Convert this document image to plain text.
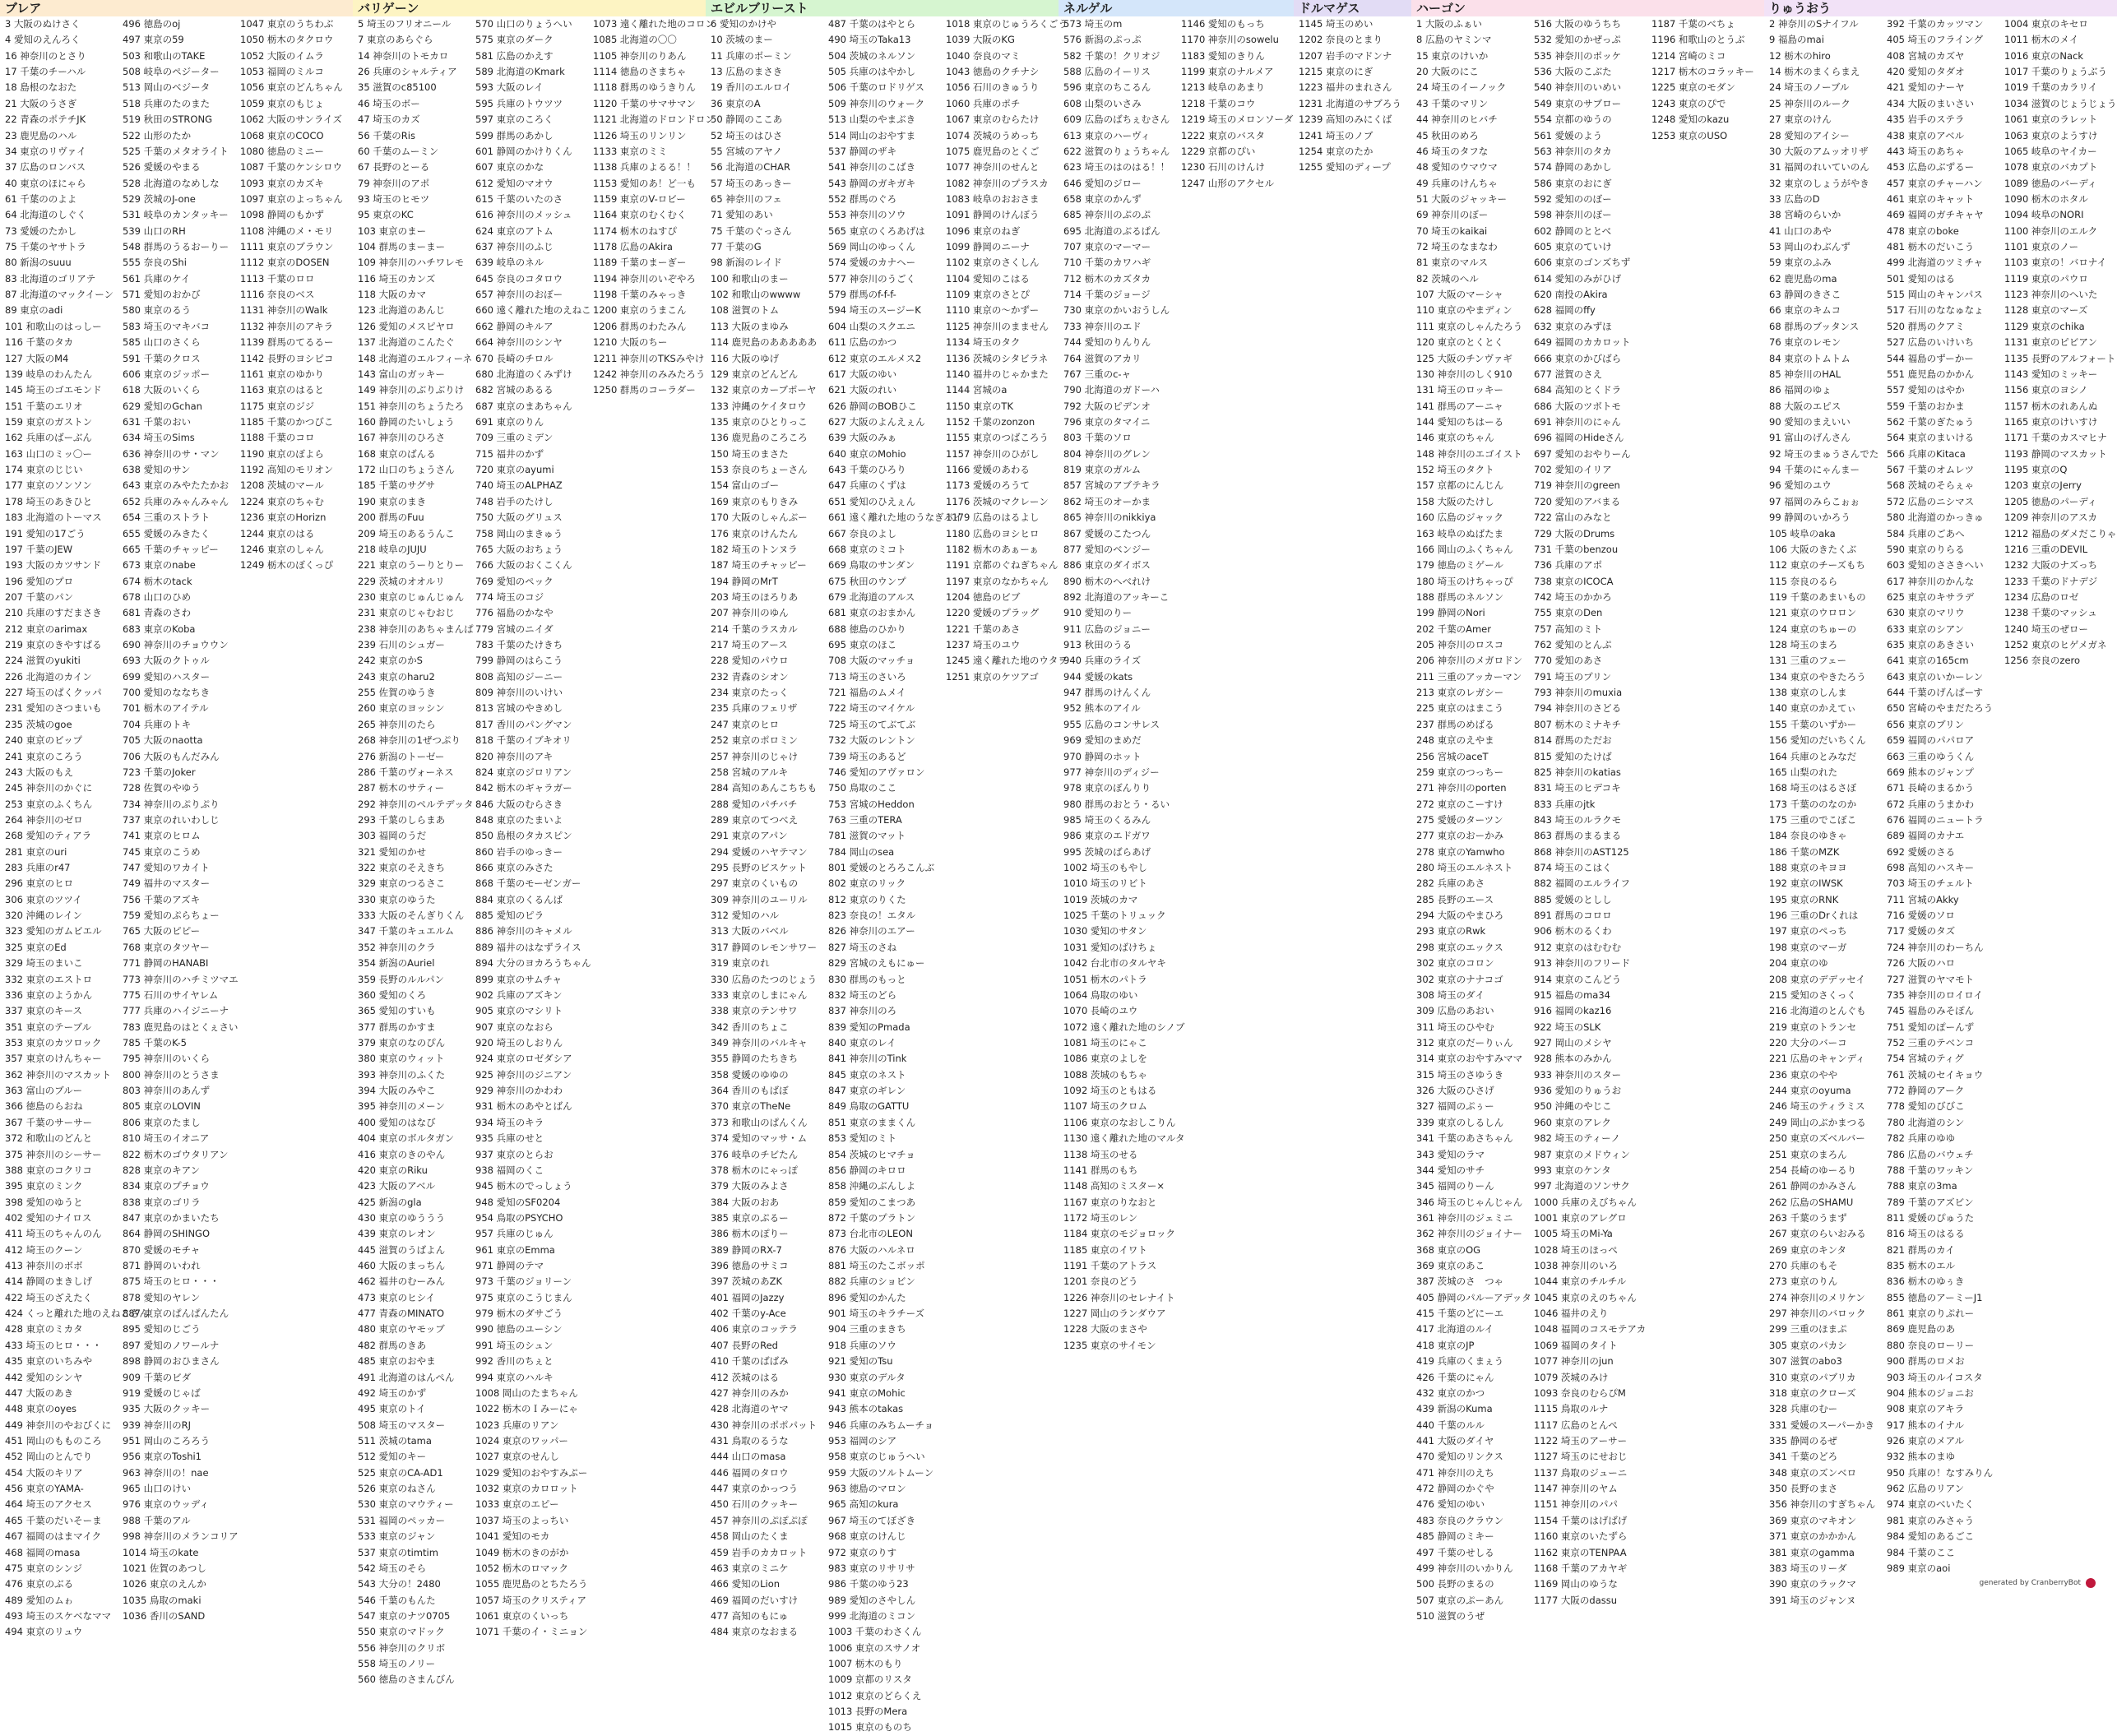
ブレア
3 大阪のぬけさく
4 愛知のえんろく
16 神奈川のとさり
17 千葉のチーハル
18 島根のなおた
21 大阪のうさぎ
22 青森のポテチJK
23 鹿児島のハル
34 東京のリヴァイ
37 広島のロンバス
40 東京のほにゃら
61 千葉ののよよ
64 北海道のしぐく
73 愛媛のたかし
75 千葉のヤサトラ
80 新潟のsuuu
83 北海道のゴリアテ
87 北海道のマックイーン
89 東京のadi
101 和歌山のはっしー
116 千葉のタカ
127 大阪のM4
139 岐阜のわんたん
145 埼玉のゴエモンド
151 千葉のエリオ
159 東京のガストン
162 兵庫のばーぶん
163 山口のミッ〇ー
174 東京のじじい
177 東京のソンソン
178 埼玉のあきひと
183 北海道のトーマス
191 愛知の17ごう
197 千葉のJEW
193 大阪のカツサンド
196 愛知のプロ
207 千葉のパン
210 兵庫のすだまさき
212 東京のarimax
219 東京のきやすばる
224 滋賀のyukiti
226 北海道のカイン
227 埼玉のぱくクッパ
231 愛知のさつまいも
235 茨城のgoe
240 東京のビップ
241 東京のころう
243 大阪のもえ
245 神奈川のかぐに
253 東京のふくちん
264 神奈川のゼロ
268 愛知のティアラ
281 東京のuri
283 兵庫のr47
296 東京のヒロ
306 東京のツツイ
320 沖縄のレイン
323 愛知のガムビエル
325 東京のEd
329 埼玉のまいこ
332 東京のエストロ
336 東京のようかん
337 東京のキース
351 東京のテーブル
353 東京のカツロック
357 東京のけんちゃー
362 神奈川のマスカット
363 富山のブルー
366 徳島のらおね
367 千葉のサーサー
372 和歌山のどんと
375 神奈川のシーサー
388 東京のコクリコ
395 東京のミンク
398 愛知のゆうと
402 愛知のナイロス
411 埼玉のちゃんのん
412 埼玉のクーン
413 神奈川のボボ
414 静岡のまきしげ
422 埼玉のざえたく
424 くっと離れた地のえねこさん
428 東京のミカタ
433 埼玉のヒロ・・・
435 東京のいちみや
442 愛知のシンヤ
447 大阪のあき
448 東京のoyes
449 神奈川のやおびくに
451 岡山のもものころ
452 岡山のとんでり
454 大阪のキリア
456 東京のYAMA-
464 埼玉のアクセス
465 千葉のだいそーま
467 福岡のはまマイク
468 福岡のmasa
475 東京のシンジ
476 東京のぶる
489 愛知のムゎ
493 埼玉のスケベなママ
494 東京のリュウ
496 徳島のoj
497 東京の59
503 和歌山のTAKE
508 岐阜のペジーター
513 岡山のベジータ
518 兵庫のたのまた
519 秋田のSTRONG
522 山形のたか
525 千葉のメタオライト
526 愛媛のやまる
528 北海道のなめしな
529 茨城のJ-one
531 岐阜のカンタッキー
539 山口のRH
548 群馬のうるおーりー
555 奈良のShi
561 兵庫のケイ
571 愛知のおかび
580 東京のるう
583 埼玉のマキバコ
585 山口のさくら
591 千葉のクロス
606 東京のジッポー
618 大阪のいくら
629 愛知のGchan
631 千葉のおい
634 埼玉のSims
636 神奈川のサ・マン
638 愛知のサン
643 東京のみやたたかお
652 兵庫のみゃんみゃん
654 三重のストラト
655 愛媛のみきたく
665 千葉のチャッピー
673 東京のnabe
674 栃木のtack
678 山口のひめ
681 青森のさわ
683 東京のKoba
690 神奈川のチョウウン
693 大阪のクトゥル
699 愛知のハスター
700 愛知のななちき
701 栃木のアイテル
704 兵庫のトキ
705 大阪のnaotta
706 大阪のもんだみん
723 千葉のJoker
728 佐賀のやゆう
734 神奈川のぷりぷり
737 東京のれいわしじ
741 東京のヒロム
745 東京のこうめ
747 愛知のワカイト
749 福井のマスター
756 千葉のアズキ
759 愛知のぷらちょー
765 大阪のピピー
768 東京のタツヤー
771 静岡のHANABI
773 神奈川のハチミツマエ
775 石川のサイヤレム
777 兵庫のハイジニーナ
783 鹿児島のはとくぇさい
785 千葉のK-5
795 神奈川のいくら
800 神奈川のとうさま
803 神奈川のあんず
805 東京のLOVIN
806 東京のたまし
810 埼玉のイオニア
822 栃木のゴウタリアン
828 東京のキアン
834 東京のプチョウ
838 東京のゴリラ
847 東京のかまいたち
864 静岡のSHINGO
870 愛媛のモチャ
871 静岡のいわれ
875 埼玉のヒロ・・・
878 愛知のヤレン
887 東京のぱんぱんたん
895 愛知のじごう
897 愛知のノワールナ
898 静岡のおひまさん
909 千葉のビダ
919 愛媛のじゃば
935 大阪のクッキー
939 神奈川のRJ
951 岡山のころろう
956 東京のToshi1
963 神奈川の！nae
965 山口のけい
976 東京のウッディ
988 千葉のアル
998 神奈川のメランコリア
1014 埼玉のkate
1021 佐賀のあつし
1026 東京のえんか
1035 鳥取のmaki
1036 香川のSAND
1047 東京のうちわぶ
1050 栃木のタクロウ
1052 大阪のイムラ
1053 福岡のミルコ
1056 東京のどんちゃん
1059 東京のもじょ
1062 大阪のサンライズ
1068 東京のCOCO
1080 徳島のミニー
1087 千葉のケンシロウ
1093 東京のカズキ
1097 東京のよっちゃん
1098 静岡のもかず
1108 沖縄のメ・モリ
1111 東京のブラウン
1112 東京のDOSEN
1113 千葉のロロ
1116 奈良のベス
1131 神奈川のWalk
1132 神奈川のアキラ
1139 群馬のてるるー
1142 長野のヨシピコ
1161 東京のゆかり
1163 東京のはると
1175 東京のジジ
1185 千葉のかつびこ
1188 千葉のコロ
1190 東京のぼよら
1192 高知のモリオン
1208 茨城のマール
1224 東京のちゃむ
1236 東京のHorizn
1244 東京のはる
1246 東京のしゃん
1249 栃木のぼくっぴ
バリゲーン
5 埼玉のフリオニール
7 東京のあらぐら
14 神奈川のトモカロ
26 兵庫のシャルティア
35 滋賀のc85100
46 埼玉のボー
47 埼玉のカズ
56 千葉のRis
60 千葉のムーミン
67 長野のとーる
79 神奈川のアポ
93 埼玉のヒモツ
95 東京のKC
103 東京のまー
104 群馬のまーまー
109 神奈川のハチワレモ
116 埼玉のカンズ
118 大阪のカマ
123 北海道のあんじ
126 愛知のメスピヤロ
137 北海道のこんたぐ
148 北海道のエルフィーネ
143 富山のガッキー
149 神奈川のぶりぶりけ
151 神奈川のちょうたろ
160 静岡のたいしょう
167 神奈川のひろさ
168 東京のばんる
172 山口のちょうさん
185 千葉のサグサ
190 東京のまき
200 群馬のFuu
209 埼玉のあるうんこ
218 岐阜のJUJU
221 東京のうーりとりー
229 茨城のオオルリ
230 東京のじゅんじゅん
231 東京のじゃむおじ
238 神奈川のあちゃまんぱ
239 石川のシュガー
242 東京のかS
243 東京のharu2
255 佐賀のゆうき
260 東京のヨッシン
265 神奈川のたら
268 神奈川の1ぜつぷり
276 新潟のトーゼー
286 千葉のヴォーネス
287 栃木のサティー
292 神奈川のペルテデッタ
293 千葉のしらまあ
303 福岡のうだ
321 愛知のかせ
322 東京のそえきち
329 東京のつるさこ
330 東京のゆうた
333 大阪のそんぎりくん
347 千葉のキュエルム
352 神奈川のクラ
354 新潟のAuriel
359 長野のルルパン
360 愛知のくろ
365 愛知のすいも
377 群馬のかすま
379 東京のなのぴん
380 東京のウィット
393 神奈川のふくた
394 大阪のみやこ
395 神奈川のメーン
400 愛知のはなび
404 東京のボルタガン
416 東京のきのやん
420 東京のRiku
423 大阪のアベル
425 新潟のgla
430 東京のゆううう
439 東京のレオン
445 滋賀のうばよん
460 大阪のまっちん
462 福井のむーみん
473 東京のヒシイ
477 青森のMINATO
480 東京のヤモッブ
482 群馬のきあ
485 東京のおやま
491 北海道のはんぺん
492 埼玉のかず
495 東京のトイ
508 埼玉のマスター
511 茨城のtama
512 愛知のキー
525 東京のCA-AD1
526 東京のねさん
530 東京のマウティー
531 福岡のペッカー
533 東京のジャン
537 東京のtimtim
542 埼玉のそら
543 大分の！2480
546 千葉のもんた
547 東京のナツ0705
550 東京のマドック
556 神奈川のクリボ
558 埼玉のノリー
560 徳島のさまんびん
570 山口のりょうへい
575 東京のダーク
581 広島のかえす
589 北海道のKmark
593 大阪のレイ
595 兵庫のトウツツ
597 東京のころく
599 群馬のあかし
601 静岡のかけりくん
607 東京のかな
612 愛知のマオウ
615 千葉のいたのさ
616 神奈川のメッシュ
624 東京のアトム
637 神奈川のふじ
639 岐阜のネル
645 奈良のコタロウ
657 神奈川のおぼー
660 遠く離れた地のえねこ
662 静岡のキルア
664 神奈川のシンヤ
670 長崎のチロル
680 北海道のくみずけ
682 宮城のあるる
687 東京のまあちゃん
691 東京のりん
709 三重のミデン
715 福井のかず
720 東京のayumi
740 埼玉のALPHAZ
748 岩手のたけし
750 大阪のグリュス
758 岡山のまきゅう
765 大阪のおちょう
766 大阪のおくこくん
769 愛知のペック
774 埼玉のコジ
776 福島のかなや
779 宮城のニイダ
783 千葉のたけきち
799 静岡のはらこう
808 高知のジーニー
809 神奈川のいけい
813 宮城のやきめし
817 香川のパングマン
818 千葉のイブキオリ
820 神奈川のアキ
824 東京のジロリアン
842 栃木のギャラガー
846 大阪のむらさき
848 東京のたまいよ
850 島根のタカスピン
860 岩手のゆっきー
866 東京のみさた
868 千葉のモーゼンガー
884 東京のくるんば
885 愛知のピラ
886 神奈川のキャメル
889 福井のはなずライス
894 大分のヨカろうちゃん
899 東京のサムチャ
902 兵庫のアズキン
905 東京のマシリト
907 東京のなおら
920 埼玉のしおりん
924 東京のロゼダシア
925 神奈川のジニアン
929 神奈川のかわわ
931 栃木のあやとばん
934 埼玉のキラ
935 兵庫のせと
937 東京のとらお
938 福岡のくこ
945 栃木のでっしょう
948 愛知のSF0204
954 鳥取のPSYCHO
957 兵庫のじゅん
961 東京のEmma
971 静岡のテマ
973 千葉のジョリーン
975 東京のこうじまん
979 栃木のダサごう
990 徳島のユーシン
991 埼玉のシュン
992 香川のちぇと
994 東京のハルキ
1008 岡山のたまちゃん
1022 栃木のＩみーにゃ
1023 兵庫のリアン
1024 東京のワッパー
1027 東京のせんし
1029 愛知のおやすみぷー
1032 東京のカロロット
1033 東京のエピー
1037 埼玉のよっちい
1041 愛知のモカ
1049 栃木のきのがか
1052 栃木のロマック
1055 鹿児島のとちたろう
1057 埼玉のクリスティア
1061 東京のくいっち
1071 千葉のイ・ミニョン
1073 遠く離れた地のコロン
1085 北海道の〇〇
1105 神奈川のりあん
1114 徳島のさまちゃ
1118 群馬のゆうきりん
1120 千葉のサマサマン
1121 北海道のドロンドロン
1126 埼玉のリンリン
1133 東京のミミ
1138 兵庫のよるる！！
1153 愛知のあ！ど一も
1159 東京のV-ロビー
1164 東京のむくむく
1174 栃木のねすぴ
1178 広島のAkira
1189 千葉のまーぎー
1194 神奈川のいぞやろ
1198 千葉のみゃっき
1200 東京のうまこん
1206 群馬のわたみん
1210 大阪のちー
1211 神奈川のTKSみやけ
1242 神奈川のみみたろう
1250 群馬のコーラダー
エビルブリースト
6 愛知のかけや
10 茨城のまー
11 兵庫のポーミン
13 広島のまさき
19 香川のエルロイ
36 東京のA
50 静岡のここあ
52 埼玉のはひさ
55 宮城のアヤノ
56 北海道のCHAR
57 埼玉のあっきー
65 神奈川のフェ
71 愛知のあい
75 千葉のぐっさん
77 千葉のG
98 新潟のレイド
100 和歌山のまー
102 和歌山のwwww
108 滋賀のトム
113 大阪のまゆみ
114 鹿児島のあああああ
116 大阪のゆげ
129 東京のどんどん
132 東京のカーブポーヤ
133 沖縄のケイタロウ
135 東京のひとりっこ
136 鹿児島のころころ
150 埼玉のまさた
153 奈良のちょーさん
154 富山のゴー
169 東京のもりきみ
170 大阪のしゃんぶー
176 東京のけんたん
182 埼玉のトンヌラ
187 埼玉のチャッピー
194 静岡のMrT
203 埼玉のほろりあ
207 神奈川のゆん
214 千葉のラスカル
217 埼玉のアース
228 愛知のパウロ
232 青森のシオン
234 東京のたっく
235 兵庫のフェリザ
247 東京のヒロ
252 東京のポロミン
257 神奈川のじゃけ
258 宮城のアルキ
284 高知のあんこちちも
288 愛知のパチバチ
289 東京のてつべえ
291 東京のアパン
294 愛媛のハヤテマン
295 長野のビスケット
297 東京のくいもの
309 神奈川のユーリル
312 愛知のハル
313 大阪のバベル
317 静岡のレモンサワー
319 東京のれ
330 広島のたつのじょう
333 東京のしまにゃん
338 東京のテンサワ
342 香川のちょこ
349 神奈川のバルキャ
355 静岡のたちきち
358 愛媛のゆゆの
364 香川のもばぼ
370 東京のTheNe
373 和歌山のぱんくん
374 愛知のマッサ・ム
376 岐阜のチビたん
378 栃木のにゃっぽ
379 大阪のみよさ
384 大阪のおあ
385 東京のぷるー
386 栃木のぽりー
389 静岡のRX-7
396 徳島のサミコ
397 茨城のあZK
401 福岡のJazzy
402 千葉のy-Ace
406 東京のコッテラ
407 長野のRed
410 千葉のばばみ
412 茨城のはる
427 神奈川のみか
428 北海道のヤマ
430 神奈川のポポパット
431 鳥取のるうな
444 山口のmasa
446 福岡のタロウ
447 東京のかっつう
450 石川のクッキー
457 神奈川のぷぽぷぽ
458 岡山のたくま
459 岩手のカカロット
463 東京のミニケ
466 愛知のLion
469 福岡のだいすけ
477 高知のもにゅ
484 東京のなおまる
487 千葉のはやとら
490 埼玉のTaka13
504 茨城のネルソン
505 兵庫のはやかし
506 千葉のロドリゲス
509 神奈川のウォーク
513 山梨のやまぶき
514 岡山のおやすま
537 静岡のザキ
541 神奈川のこばき
543 静岡のガキガキ
552 群馬のぐろ
553 神奈川のソウ
565 東京のくろあげは
569 岡山のゆっくん
574 愛媛のカナヘー
577 神奈川のうごく
579 群馬のf-f-f-
594 埼玉のスージーK
604 山梨のスクエニ
611 広島のかつ
612 東京のエルメス2
617 大阪のゆい
621 大阪のれい
626 静岡のBOBひこ
627 大阪のよんえぇん
639 大阪のみぁ
640 東京のMohio
643 千葉のひろり
647 兵庫のくずは
651 愛知のひえぇん
661 遠く離れた地のうなぎパイ
667 奈良のよし
668 東京のミコト
669 鳥取のサンダン
675 秋田のウンプ
679 北海道のアルス
681 東京のおまかん
688 徳島のひかり
695 東京のほこ
708 大阪のマッチョ
713 埼玉のさいろ
721 福島のムメイ
722 埼玉のマイケル
725 埼玉のてぶてぶ
732 大阪のレントン
739 埼玉のあるど
746 愛知のアヴァロン
750 鳥取のここ
753 宮城のHeddon
763 三重のTERA
781 滋賀のマット
784 岡山のsea
801 愛媛のとろろこんぶ
802 東京のリック
812 東京のりくた
823 奈良の！エタル
826 神奈川のエアー
827 埼玉のさね
829 宮城のえもにゅー
830 群馬のもっと
832 埼玉のどら
837 神奈川のろ
839 愛知のPmada
840 東京のレイ
841 神奈川のTink
845 東京のネスト
847 東京のギレン
849 鳥取のGATTU
851 東京のままくん
853 愛知のミト
854 茨城のヒマチョ
856 静岡のキロロ
858 沖縄のぶんしよ
859 愛知のこまつあ
872 千葉のプラトン
873 台北市のLEON
876 大阪のハルネロ
881 埼玉のたこボッポ
882 兵庫のショビン
896 愛知のかんた
901 埼玉のキラチーズ
904 三重のまきち
918 兵庫のソウ
921 愛知のTsu
930 東京のデルタ
941 東京のMohic
943 熊本のtakas
946 兵庫のみちムーチョ
953 福岡のシア
958 東京のじゅうへい
959 大阪のソルトムーン
963 徳島のマロン
965 高知のkura
967 埼玉のてぼざき
968 東京のけんじ
972 東京のりす
983 東京のリサリサ
986 千葉のゆう23
989 愛知のさやしん
999 北海道のミコン
1003 千葉のわさくん
1006 東京のスサノオ
1007 栃木のもり
1009 京都のリスタ
1012 東京のどらくえ
1013 長野のMera
1015 東京のものち
1018 東京のじゅうろくごう
1039 大阪のKG
1040 奈良のマミ
1043 徳島のクチナシ
1056 石川のきゅうり
1060 兵庫のポチ
1067 東京のむらたけ
1074 茨城のうめっち
1075 鹿児島のとくご
1077 神奈川のせんと
1082 神奈川のプラスカ
1083 岐阜のおおさま
1091 静岡のけんぼう
1096 東京のねぎ
1099 静岡のニーナ
1102 東京のさくしん
1104 愛知のこはる
1109 東京のさとぴ
1110 東京の〜かずー
1125 神奈川のまません
1134 埼玉のタク
1136 茨城のシタビラネ
1140 福井のじゃかまた
1144 宮城のa
1150 東京のTK
1152 千葉のzonzon
1155 東京のつばころう
1157 神奈川のひがし
1166 愛媛のあわる
1173 愛媛のろうて
1176 茨城のマクレーン
1179 広島のはるよし
1180 広島のヨシヒロ
1182 栃木のあぁーぁ
1191 京都のぐねぎちゃん
1197 東京のなかちゃん
1204 徳島のビブ
1220 愛媛のプラッグ
1221 千葉のあさ
1237 埼玉のユウ
1245 遠く離れた地のウタヲ
1251 東京のケツアゴ
ネルゲル
573 埼玉のm
576 新潟のぷっぷ
582 千葉の！クリオジ
588 広島のイーリス
596 東京のちこるん
608 山梨のいさみ
609 広島のばちぇむさん
613 東京のハーヴィ
622 滋賀のりょうちゃん
623 埼玉のはのはる！！
646 愛知のジロー
658 東京のかんず
685 神奈川のぷのぷ
695 北海道のぶるぱん
707 東京のマーマー
710 千葉のカワハギ
712 栃木のカズタカ
714 千葉のジョージ
730 東京のかいおうしん
733 神奈川のエド
744 愛知のりんりん
764 滋賀のアカリ
767 三重のc-ャ
790 北海道のガドーハ
792 大阪のピデンオ
796 東京のタマイニ
803 千葉のソロ
804 神奈川のグレン
819 東京のガルム
857 宮城のアブテキラ
862 埼玉のオーかま
865 神奈川のnikkiya
867 愛媛のこたつん
877 愛知のベンジー
886 東京のダイボス
890 栃木のへべれけ
892 北海道のアッキーこ
910 愛知のりー
911 広島のジョニー
913 秋田のうる
940 兵庫のライズ
944 愛媛のkats
947 群馬のけんくん
952 熊本のアイル
955 広島のコンサレス
969 愛知のまめだ
970 静岡のホット
977 神奈川のディジー
978 東京のぼんりり
980 群馬のおとう・るい
985 埼玉のくるみん
986 東京のエドガワ
995 茨城のばらあげ
1002 埼玉のもやし
1010 埼玉のリビト
1019 茨城のカマ
1025 千葉のトリュック
1030 愛知のサタン
1031 愛知のばけちょ
1042 台北市のタルヤキ
1051 栃木のパトラ
1064 鳥取のゆい
1070 長崎のユウ
1072 遠く離れた地のシノブ
1081 埼玉のにゃこ
1086 東京のよしを
1088 茨城のもちゃ
1092 埼玉のともはる
1107 埼玉のクロム
1106 東京のなおしこりん
1130 遠く離れた地のマルタ
1138 埼玉のせる
1141 群馬のもち
1148 高知のミスター×
1167 東京のりなおと
1172 埼玉のレン
1184 東京のモジョロック
1185 東京のイワト
1191 千葉のアトラス
1201 奈良のどう
1226 神奈川のセレナイト
1227 岡山のランダウア
1228 大阪のまさや
1235 東京のサイモン
1146 愛知のもっち
1170 神奈川のsowelu
1183 愛知のきりん
1199 東京のナルメア
1213 岐阜のあまり
1218 千葉のコウ
1219 埼玉のメロンソーダ
1222 東京のバスタ
1229 京都のぴい
1230 石川のけんけ
1247 山形のアクセル
ドルマゲス
1145 埼玉のめい
1202 奈良のとまり
1207 岩手のマドンナ
1215 東京のにぎ
1223 福井のまれさん
1231 北海道のサブろう
1239 高知のみにくば
1241 埼玉のノブ
1254 東京のたか
1255 愛知のディープ
ハーゴン
1 大阪のふぁい
8 広島のヤミンマ
15 東京のけいか
20 大阪のにこ
24 埼玉のイーノック
43 千葉のマリン
44 神奈川のヒバチ
45 秋田のめろ
46 埼玉のタフな
48 愛知のウマウマ
49 兵庫のけんちゃ
51 大阪のジャッキー
69 神奈川のぼー
70 埼玉のkaikai
72 埼玉のなまなわ
81 東京のマルス
82 茨城のへル
107 大阪のマーシャ
110 東京のやまディン
111 東京のしゃんたろう
120 東京のとくとく
125 大阪のチンヴァギ
130 神奈川のしく910
131 埼玉のロッキー
141 群馬のアーニャ
144 愛知のちはーる
146 東京のちゃん
148 神奈川のエゴイスト
152 埼玉のタクト
157 京都のにんじん
158 大阪のたけし
160 広島のジャック
163 岐阜のぬばたま
166 岡山のふくちゃん
179 徳島のミゲール
180 埼玉のけちゃっぴ
188 群馬のネルソン
199 静岡のNori
202 千葉のAmer
205 神奈川のロスコ
206 神奈川のメガロドン
211 三重のアッカーマン
213 東京のレガシー
225 東京のはまこう
237 群馬のめばる
248 東京のえやま
256 宮城のaceT
259 東京のつっちー
271 神奈川のporten
272 東京のこーすけ
275 愛媛のターツン
277 東京のおーかみ
278 東京のYamwho
280 埼玉のエルネスト
282 兵庫のあさ
285 長野のエース
294 大阪のやまひろ
293 東京のRwk
298 東京のエックス
302 東京のコロン
302 東京のナナコゴ
308 埼玉のダイ
309 広島のあおい
311 埼玉のひやむ
312 東京のだーりぃん
314 東京のおやすみママ
315 埼玉のさゆうき
326 大阪のひさげ
327 福岡のぷぅー
339 東京のしるしん
341 千葉のあさちゃん
343 愛知のラマ
344 愛知のサチ
345 福岡のりーん
346 埼玉のじゃんじゃん
361 神奈川のジェミニ
362 神奈川のジョイナー
368 東京のOG
369 東京のあこ
387 茨城のさ　つゃ
405 静岡のパルーアデッタ
415 千葉のどにーエ
417 北海道のルイ
418 東京のJP
419 兵庫のくまぇう
426 千葉のにゃん
432 東京のかつ
439 新潟のKuma
440 千葉のルル
441 大阪のダイヤ
470 愛知のリンクス
471 神奈川のえち
472 静岡のかぐや
476 愛知のゆい
483 奈良のクラウン
485 静岡のミキー
497 千葉のせしる
499 神奈川のいかりん
500 長野のまるの
507 東京のぷーあん
510 滋賀のうぜ
516 大阪のゆうちち
532 愛知のかぜっぷ
535 神奈川のポッケ
536 大阪のこぶた
540 神奈川のいめい
549 東京のサブロー
554 京都のゆうの
561 愛媛のよう
563 神奈川のタカ
574 静岡のあかし
586 東京のおにぎ
592 愛知ののぼー
598 神奈川のぽー
602 静岡のととべ
605 東京のていけ
606 東京のゴンズちず
614 愛知のみがひげ
620 南投のAkira
628 福岡のffy
632 東京のみずほ
649 福岡のカカロット
666 東京のかびばら
677 滋賀のさえ
684 高知のとくドラ
686 大阪のツボトモ
691 神奈川のにゃん
696 福岡のHideさん
697 愛知のおやりーん
702 愛知のイリア
719 神奈川のgreen
720 愛知のアバまる
722 富山のみなと
729 大阪のDrums
731 千葉のbenzou
736 兵庫のアポ
738 東京のICOCA
742 埼玉のかかろ
755 東京のDen
757 高知のミト
762 愛知のとんぷ
770 愛知のあさ
791 埼玉のプリン
793 神奈川のmuxia
794 神奈川のさどる
807 栃木のミナキチ
814 群馬のただお
815 愛知のたけば
825 神奈川のkatias
831 埼玉のヒデコキ
833 兵庫のjtk
843 埼玉のルラクモ
863 群馬のまるまる
868 神奈川のAST125
874 埼玉のこはく
882 福岡のエルライフ
885 愛媛のとしし
891 群馬のコロロ
906 栃木のるくわ
912 東京のはむむむ
913 神奈川のフリード
914 東京のこんどう
915 福島のma34
916 福岡のkaz16
922 埼玉のSLK
927 岡山のメシヤ
928 熊本のみかん
933 神奈川のスター
936 愛知のりゅうお
950 沖縄のやじこ
960 東京のアレク
982 埼玉のティーノ
987 東京のメドウィン
993 東京のケンタ
997 北海道のソンサク
1000 兵庫のえびちゃん
1001 東京のアレグロ
1005 埼玉のMi-Ya
1028 埼玉のほっぺ
1038 神奈川のいろ
1044 東京のチルチル
1045 東京のえのちゃん
1046 福井のえり
1048 福岡のコスモテアカ
1069 福岡のタイト
1077 神奈川のjun
1079 茨城のみけ
1093 奈良のむらぴM
1115 鳥取のルナ
1117 広島のとんぺ
1122 埼玉のアーサー
1127 埼玉のにせおじ
1137 鳥取のジューニ
1147 神奈川のヤム
1151 神奈川のパパ
1154 千葉のはげばげ
1160 東京のいたずら
1162 東京のTENPAA
1168 千葉のアカヤギ
1169 岡山のゆうな
1177 大阪のdassu
1187 千葉のべちょ
1196 和歌山のとうぶ
1214 宮崎のミコ
1217 栃木のコラッキー
1225 東京のモダン
1243 東京のぴで
1248 愛知のkazu
1253 東京のUSO
りゅうおう
2 神奈川のSナイフル
9 福島のmai
12 栃木のhiro
14 栃木のまくらまえ
24 埼玉のノーブル
25 神奈川のルーク
27 東京のけん
28 愛知のアイシー
30 大阪のアムッオリザ
31 福岡のれいていのん
32 東京のしょうがやき
33 広島のD
38 宮崎のらいか
41 山口のあや
53 岡山のわぶんず
59 東京のふみ
62 鹿児島のma
63 静岡のきさこ
66 東京のキムコ
68 群馬のブッタンス
76 東京のレモン
84 東京のトムトム
85 神奈川のHAL
86 福岡のゆょ
88 大阪のエピス
90 愛知のまえいい
91 富山のげんさん
92 埼玉のまゅうさんでた
94 千葉のにゃんまー
96 愛知のユウ
97 福岡のみらこぉぉ
99 静岡のいかろう
105 岐阜のaka
106 大阪のきたくぶ
112 東京のチーズもち
115 奈良のるら
119 千葉のあまいもの
121 東京のウロロン
124 東京のちゅーの
128 埼玉のまろ
131 三重のフェー
134 東京のやきたろう
138 東京のしんま
140 東京のかえてぃ
155 千葉のいずかー
156 愛知のだいちくん
164 兵庫のとみなだ
165 山梨のれた
168 埼玉のはるさぼ
173 千葉ののなのか
175 三重のでこぼこ
184 奈良のゆきゃ
186 千葉のMZK
188 東京のキヨヨ
192 東京のIWSK
195 東京のRNK
196 三重のDrくれは
197 東京のぺっち
198 東京のマーガ
204 東京のゆ
208 東京のデデッセイ
215 愛知のさくっく
216 北海道のとんぐも
219 東京のトランセ
220 大分のバーコ
221 広島のキャンディ
236 東京のやや
244 東京のoyuma
246 埼玉のティラミス
249 岡山のぶかまつる
250 東京のズベルバー
251 東京のまろん
254 長崎のゆーるり
261 静岡のかみさん
262 広島のSHAMU
263 千葉のうまず
267 東京のらいおみる
269 東京のキンタ
270 兵庫のもそ
273 東京のりん
274 神奈川のメリケン
297 神奈川のバロック
299 三重のほまぷ
305 東京のパカシ
307 滋賀のabo3
310 東京のパブリカ
318 東京のクローズ
328 兵庫のむー
331 愛媛のスーパーかき
335 静岡のるぜ
341 千葉のどろ
348 東京のズンベロ
350 長野のまさ
356 神奈川のすぎちゃん
369 東京のマキオン
371 東京のかかかん
381 東京のgamma
383 埼玉のリーダ
390 東京のラックマ
391 埼玉のジャンヌ
392 千葉のカッツマン
405 埼玉のフライング
408 宮城のカズヤ
420 愛知のタダオ
421 愛知のナーヤ
434 大阪のまいさい
435 岩手のステラ
438 東京のアベル
443 埼玉のあちゃ
453 広島のぶずるー
457 東京のチャーハン
461 東京のキャット
469 福岡のガチキャヤ
478 東京のboke
481 栃木のだいこう
499 北海道のツミチャ
501 愛知のはる
515 岡山のキャンパス
517 石川のななゅなょ
520 群馬のクアミ
527 広島のいけいち
544 福島のずーかー
551 鹿児島のかかん
557 愛知のはやか
559 千葉のおかま
562 千葉のぎたゅう
564 東京のまいける
566 兵庫のKitaca
567 千葉のオムレツ
568 茨城のそらぇゃ
572 広島のニシマス
580 北海道のかっきゅ
584 兵庫のごあへ
590 東京のりらる
603 愛知のささきへい
617 神奈川のかんな
625 東京のキサラデ
630 東京のマリウ
633 東京のシアン
635 東京のあきさい
641 東京の165cm
643 東京のいかーレン
644 千葉のげんぱーす
650 宮崎のやまだたろう
656 東京のブリン
659 福岡のパパロア
663 三重のゆうくん
669 熊本のジャンプ
671 長崎のまるかう
672 兵庫のうまかわ
676 福岡のニュートラ
689 福岡のカナエ
692 愛媛のさる
698 高知のハスキー
703 埼玉のチェルト
711 宮城のAkky
716 愛媛のソロ
717 愛媛のタズ
724 神奈川のわーちん
726 大阪のハロ
727 滋賀のヤマモト
735 神奈川のロイロイ
745 福島のみそぽん
751 愛知のぽーんず
752 三重のテベンコ
754 宮城のティグ
761 茨城のセイキョウ
772 静岡のアーク
778 愛知のびびこ
780 北海道のシン
782 兵庫のゆゆ
786 広島のバウェチ
788 千葉のワッキン
788 東京の3ma
789 千葉のアズビン
811 愛媛のぴゅうた
816 埼玉のはるる
821 群馬のカイ
835 栃木のエル
836 栃木のゆぅき
855 徳島のアーミーJ1
861 東京のりぷれー
869 鹿児島のあ
880 奈良のローリー
900 群馬のロメお
903 埼玉のルイコスタ
904 熊本のジョニお
908 東京のアキラ
917 熊本のイナル
926 東京のメアル
932 熊本のまゆ
950 兵庫の！なすみりん
962 広島のリアン
974 東京のべいたく
981 東京のみさゃう
984 愛知のあるごこ
984 千葉のここ
989 東京のaoi
1004 東京のキセロ
1011 栃木のメイ
1016 東京のNack
1017 千葉のりょうぶう
1019 千葉のカラリイ
1034 滋賀のじょうじょう
1061 東京のラレット
1063 東京のようすけ
1065 岐阜のヤイカー
1078 東京のバカプト
1089 徳島のバーディ
1090 栃木のホタル
1094 岐阜のNORI
1100 神奈川のエルク
1101 東京のノー
1103 東京の！バロナイ
1119 東京のパウロ
1123 神奈川のへいた
1128 東京のマーズ
1129 東京のchika
1131 東京のピビアン
1135 長野のアルフォート
1143 愛知のミッキー
1156 東京のヨシノ
1157 栃木のれあんぬ
1165 東京のけいすけ
1171 千葉のカスマヒナ
1193 静岡のマスカット
1195 東京のQ
1203 東京のJerry
1205 徳島のパーディ
1209 神奈川のアスカ
1212 福島のダメだこりゃ
1216 三重のDEVIL
1232 大阪のナズっち
1233 千葉のドナデジ
1234 広島のロゼ
1238 千葉のマッシュ
1240 埼玉のぜロー
1252 東京のヒゲメガネ
1256 奈良のzero
generated by CranberryBot
